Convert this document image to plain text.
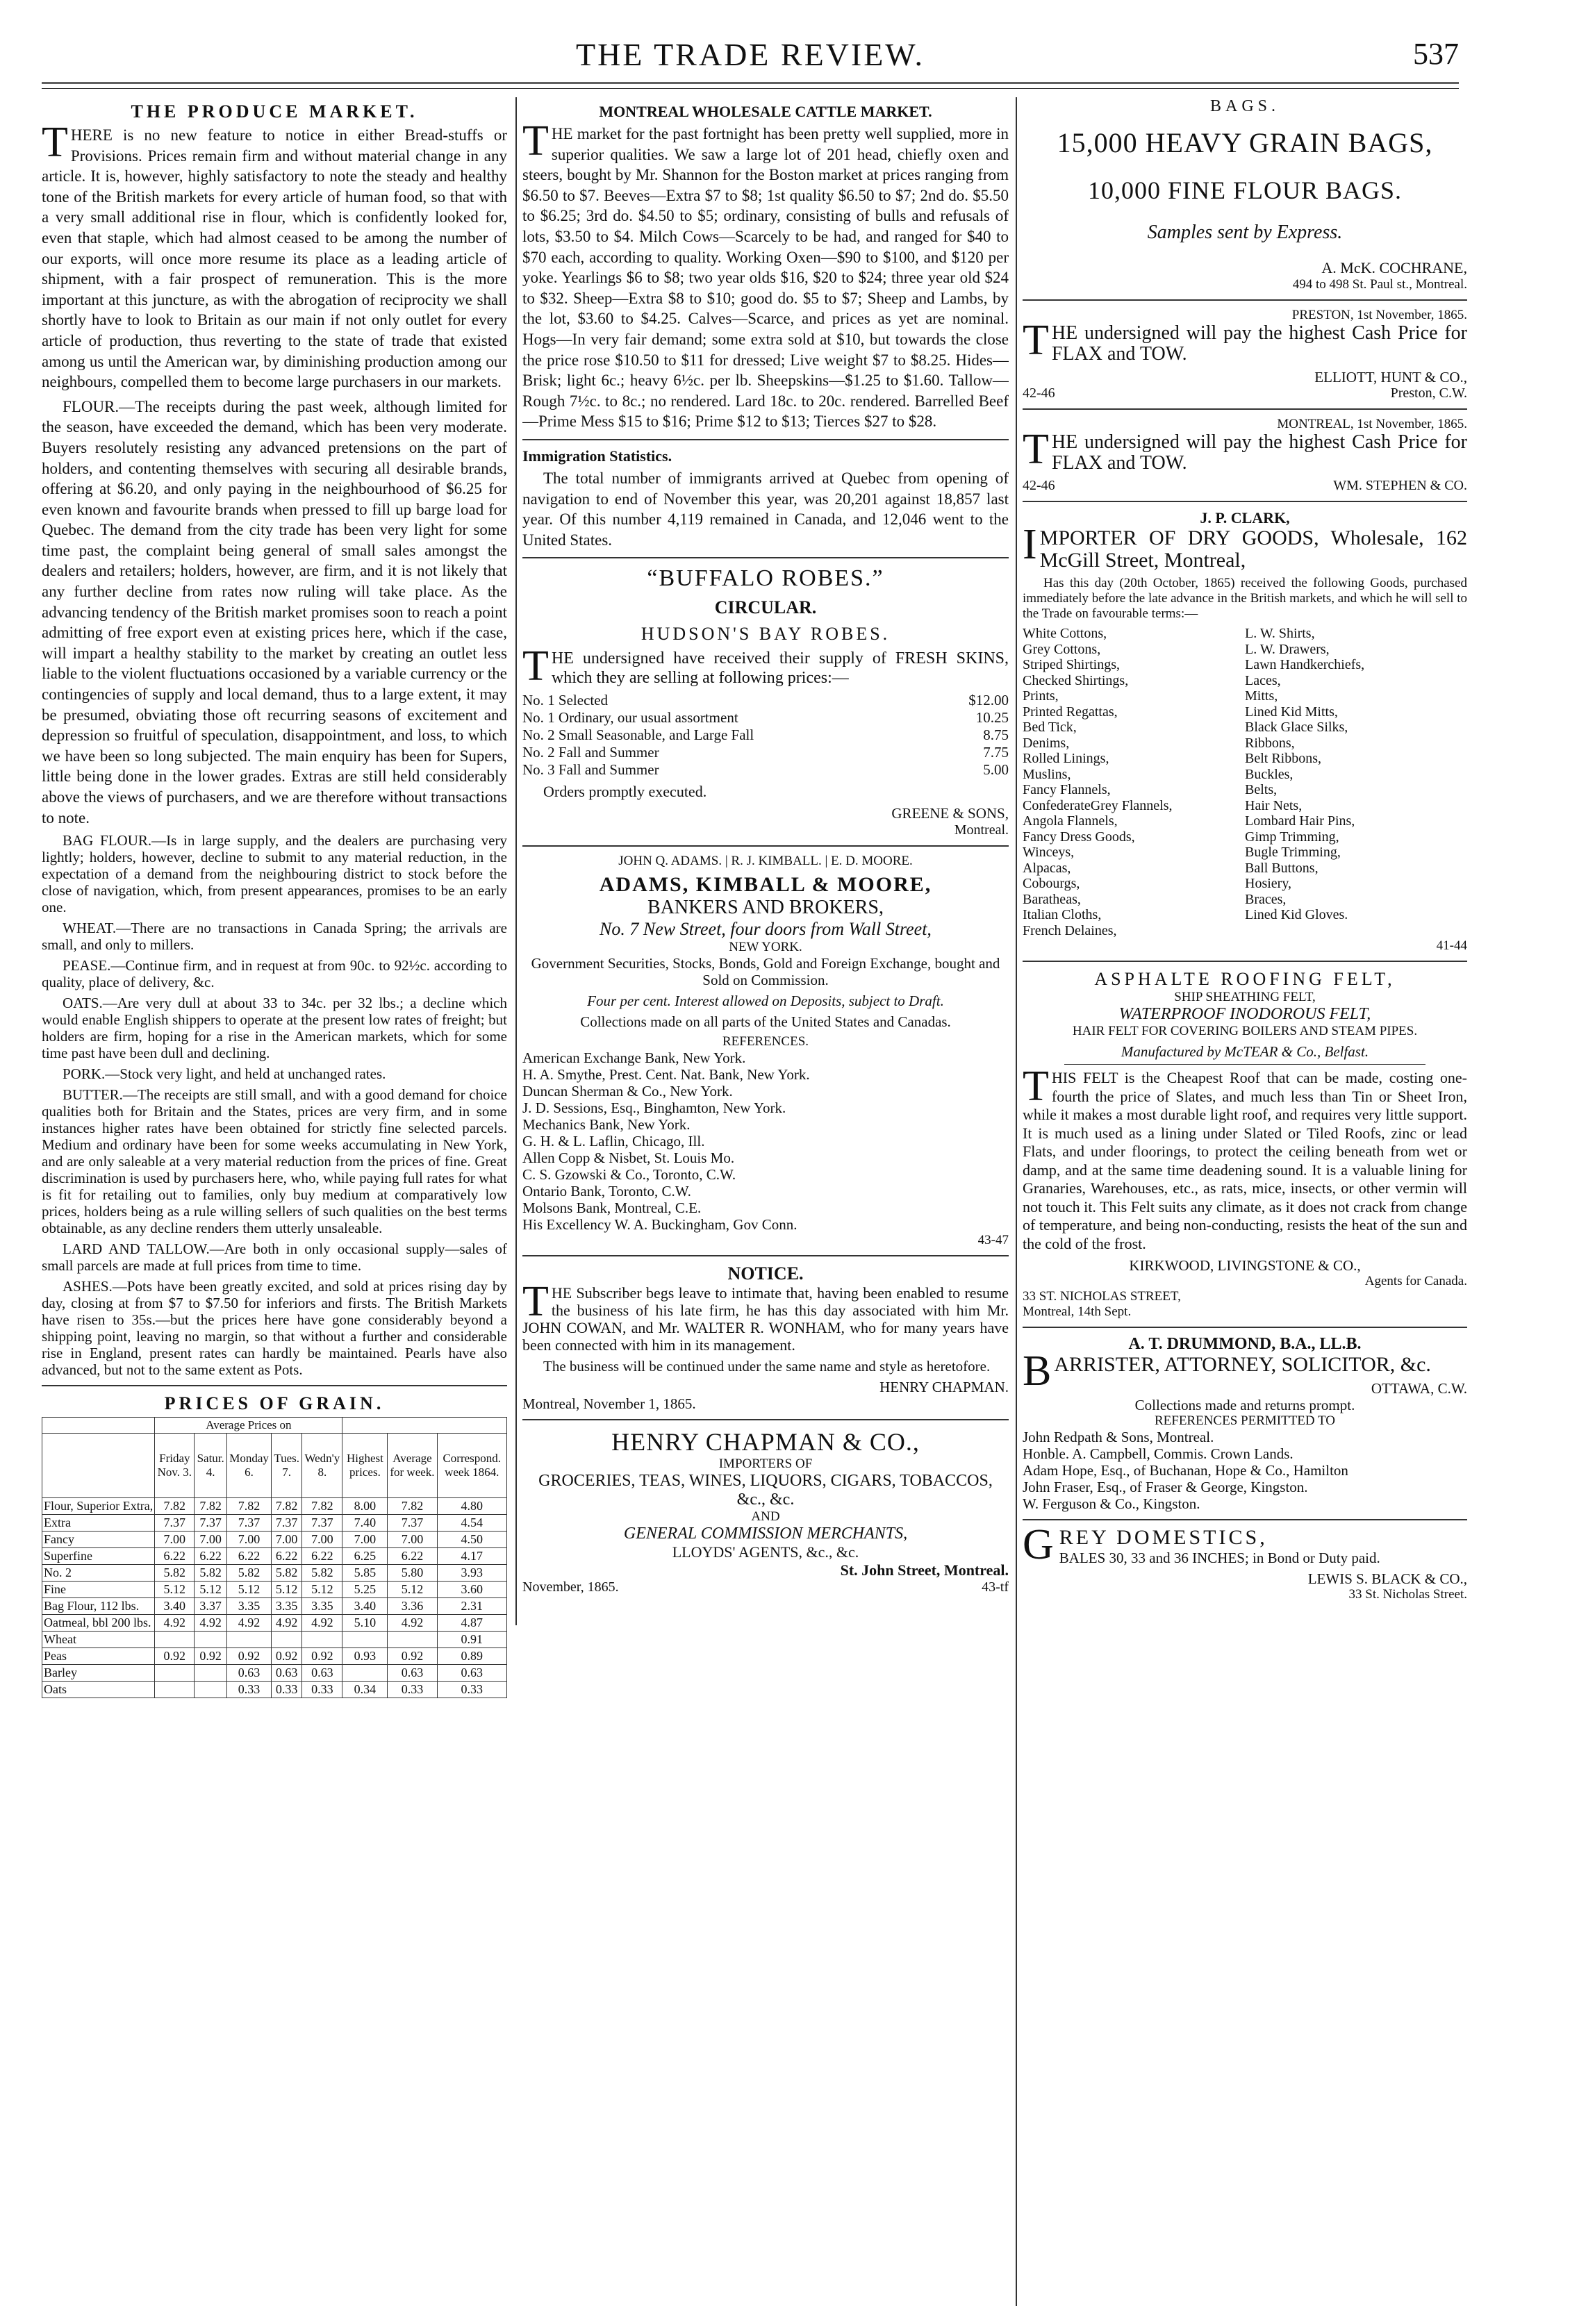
THE TRADE REVIEW.	537
THE PRODUCE MARKET.

THERE is no new feature to notice in either Bread-stuffs or Provisions. Prices remain firm and without material change in any article. It is, however, highly satisfactory to note the steady and healthy tone of the British markets for every article of human food, so that with a very small additional rise in flour, which is confidently looked for, even that staple, which had almost ceased to be among the number of our exports, will once more resume its place as a leading article of shipment, with a fair prospect of remuneration. This is the more important at this juncture, as with the abrogation of reciprocity we shall shortly have to look to Britain as our main if not only outlet for every article of production, thus reverting to the state of trade that existed among us until the American war, by diminishing production among our neighbours, compelled them to become large purchasers in our markets.

FLOUR.—The receipts during the past week, although limited for the season, have exceeded the demand, which has been very moderate. Buyers resolutely resisting any advanced pretensions on the part of holders, and contenting themselves with securing all desirable brands, offering at $6.20, and only paying in the neighbourhood of $6.25 for even known and favourite brands when pressed to fill up barge load for Quebec. The demand from the city trade has been very light for some time past, the complaint being general of small sales amongst the dealers and retailers; holders, however, are firm, and it is not likely that any further decline from rates now ruling will take place. As the advancing tendency of the British market promises soon to reach a point admitting of free export even at existing prices here, which if the case, will impart a healthy stability to the market by creating an outlet less liable to the violent fluctuations occasioned by a variable currency or the contingencies of supply and local demand, thus to a large extent, it may be presumed, obviating those oft recurring seasons of excitement and depression so fruitful of speculation, disappointment, and loss, to which we have been so long subjected. The main enquiry has been for Supers, little being done in the lower grades. Extras are still held considerably above the views of purchasers, and we are therefore without transactions to note.

BAG FLOUR.—Is in large supply, and the dealers are purchasing very lightly; holders, however, decline to submit to any material reduction, in the expectation of a demand from the neighbouring district to stock before the close of navigation, which, from present appearances, promises to be an early one.

WHEAT.—There are no transactions in Canada Spring; the arrivals are small, and only to millers.

PEASE.—Continue firm, and in request at from 90c. to 92½c. according to quality, place of delivery, &c.

OATS.—Are very dull at about 33 to 34c. per 32 lbs.; a decline which would enable English shippers to operate at the present low rates of freight; but holders are firm, hoping for a rise in the American markets, which for some time past have been dull and declining.

PORK.—Stock very light, and held at unchanged rates.

BUTTER.—The receipts are still small, and with a good demand for choice qualities both for Britain and the States, prices are very firm, and in some instances higher rates have been obtained for strictly fine selected parcels. Medium and ordinary have been for some weeks accumulating in New York, and are only saleable at a very material reduction from the prices of fine. Great discrimination is used by purchasers here, who, while paying full rates for what is fit for retailing out to families, only buy medium at comparatively low prices, holders being as a rule willing sellers of such qualities on the best terms obtainable, as any decline renders them utterly unsaleable.

LARD AND TALLOW.—Are both in only occasional supply—sales of small parcels are made at full prices from time to time.

ASHES.—Pots have been greatly excited, and sold at prices rising day by day, closing at from $7 to $7.50 for inferiors and firsts. The British Markets have risen to 35s.—but the prices here have gone considerably beyond a shipping point, leaving no margin, so that without a further and considerable rise in England, present rates can hardly be maintained. Pearls have also advanced, but not to the same extent as Pots.

PRICES OF GRAIN.
	Average Prices on							
	Friday Nov. 3.	Satur. 4.	Monday 6.	Tues. 7.	Wedn'y 8.	Highest prices.	Average for week.	Correspond. week 1864.
Flour, Superior Extra,	7.82	7.82	7.82	7.82	7.82	8.00	7.82	4.80
Extra	7.37	7.37	7.37	7.37	7.37	7.40	7.37	4.54
Fancy	7.00	7.00	7.00	7.00	7.00	7.00	7.00	4.50
Superfine	6.22	6.22	6.22	6.22	6.22	6.25	6.22	4.17
No. 2	5.82	5.82	5.82	5.82	5.82	5.85	5.80	3.93
Fine	5.12	5.12	5.12	5.12	5.12	5.25	5.12	3.60
Bag Flour, 112 lbs.	3.40	3.37	3.35	3.35	3.35	3.40	3.36	2.31
Oatmeal, bbl 200 lbs.	4.92	4.92	4.92	4.92	4.92	5.10	4.92	4.87
Wheat								0.91
Peas	0.92	0.92	0.92	0.92	0.92	0.93	0.92	0.89
Barley			0.63	0.63	0.63		0.63	0.63
Oats			0.33	0.33	0.33	0.34	0.33	0.33
MONTREAL WHOLESALE CATTLE MARKET.

THE market for the past fortnight has been pretty well supplied, more in superior qualities. We saw a large lot of 201 head, chiefly oxen and steers, bought by Mr. Shannon for the Boston market at prices ranging from $6.50 to $7. Beeves—Extra $7 to $8; 1st quality $6.50 to $7; 2nd do. $5.50 to $6.25; 3rd do. $4.50 to $5; ordinary, consisting of bulls and refusals of lots, $3.50 to $4. Milch Cows—Scarcely to be had, and ranged for $40 to $70 each, according to quality. Working Oxen—$90 to $100, and $120 per yoke. Yearlings $6 to $8; two year olds $16, $20 to $24; three year old $24 to $32. Sheep—Extra $8 to $10; good do. $5 to $7; Sheep and Lambs, by the lot, $3.60 to $4.25. Calves—Scarce, and prices as yet are nominal. Hogs—In very fair demand; some extra sold at $10, but towards the close the price rose $10.50 to $11 for dressed; Live weight $7 to $8.25. Hides—Brisk; light 6c.; heavy 6½c. per lb. Sheepskins—$1.25 to $1.60. Tallow—Rough 7½c. to 8c.; no rendered. Lard 18c. to 20c. rendered. Barrelled Beef—Prime Mess $15 to $16; Prime $12 to $13; Tierces $27 to $28.

Immigration Statistics.

The total number of immigrants arrived at Quebec from opening of navigation to end of November this year, was 20,201 against 18,857 last year. Of this number 4,119 remained in Canada, and 12,046 went to the United States.

“BUFFALO ROBES.”
CIRCULAR.
HUDSON'S BAY ROBES.

THE undersigned have received their supply of FRESH SKINS, which they are selling at following prices:—

No. 1 Selected	$12.00
No. 1 Ordinary, our usual assortment	10.25
No. 2 Small Seasonable, and Large Fall	8.75
No. 2 Fall and Summer	7.75
No. 3 Fall and Summer	5.00

Orders promptly executed.

GREENE & SONS,
Montreal.
JOHN Q. ADAMS. | R. J. KIMBALL. | E. D. MOORE.
ADAMS, KIMBALL & MOORE,
BANKERS AND BROKERS,
No. 7 New Street, four doors from Wall Street,
NEW YORK.

Government Securities, Stocks, Bonds, Gold and Foreign Exchange, bought and Sold on Commission.

Four per cent. Interest allowed on Deposits, subject to Draft.

Collections made on all parts of the United States and Canadas.

REFERENCES.
American Exchange Bank, New York.
H. A. Smythe, Prest. Cent. Nat. Bank, New York.
Duncan Sherman & Co., New York.
J. D. Sessions, Esq., Binghamton, New York.
Mechanics Bank, New York.
G. H. & L. Laflin, Chicago, Ill.
Allen Copp & Nisbet, St. Louis Mo.
C. S. Gzowski & Co., Toronto, C.W.
Ontario Bank, Toronto, C.W.
Molsons Bank, Montreal, C.E.
His Excellency W. A. Buckingham, Gov Conn.
43-47
NOTICE.

THE Subscriber begs leave to intimate that, having been enabled to resume the business of his late firm, he has this day associated with him Mr. JOHN COWAN, and Mr. WALTER R. WONHAM, who for many years have been connected with him in its management.

The business will be continued under the same name and style as heretofore.

HENRY CHAPMAN.
Montreal, November 1, 1865.
HENRY CHAPMAN & CO.,
IMPORTERS OF
GROCERIES, TEAS, WINES, LIQUORS, CIGARS, TOBACCOS, &c., &c.
AND
GENERAL COMMISSION MERCHANTS,
LLOYDS' AGENTS, &c., &c.
St. John Street, Montreal.
November, 1865.	43-tf
BAGS.
15,000 HEAVY GRAIN BAGS,
10,000 FINE FLOUR BAGS.
Samples sent by Express.
A. McK. COCHRANE,
494 to 498 St. Paul st., Montreal.
PRESTON, 1st November, 1865.

THE undersigned will pay the highest Cash Price for FLAX and TOW.

ELLIOTT, HUNT & CO.,
42-46	Preston, C.W.
MONTREAL, 1st November, 1865.

THE undersigned will pay the highest Cash Price for FLAX and TOW.

42-46	WM. STEPHEN & CO.
J. P. CLARK,

IMPORTER OF DRY GOODS, Wholesale, 162 McGill Street, Montreal,

Has this day (20th October, 1865) received the following Goods, purchased immediately before the late advance in the British markets, and which he will sell to the Trade on favourable terms:—

White Cottons,
Grey Cottons,
Striped Shirtings,
Checked Shirtings,
Prints,
Printed Regattas,
Bed Tick,
Denims,
Rolled Linings,
Muslins,
Fancy Flannels,
ConfederateGrey Flannels,
Angola Flannels,
Fancy Dress Goods,
Winceys,
Alpacas,
Cobourgs,
Baratheas,
Italian Cloths,
French Delaines,
L. W. Shirts,
L. W. Drawers,
Lawn Handkerchiefs,
Laces,
Mitts,
Lined Kid Mitts,
Black Glace Silks,
Ribbons,
Belt Ribbons,
Buckles,
Belts,
Hair Nets,
Lombard Hair Pins,
Gimp Trimming,
Bugle Trimming,
Ball Buttons,
Hosiery,
Braces,
Lined Kid Gloves.
41-44
ASPHALTE ROOFING FELT,
SHIP SHEATHING FELT,
WATERPROOF INODOROUS FELT,
HAIR FELT FOR COVERING BOILERS AND STEAM PIPES.
Manufactured by McTEAR & Co., Belfast.

THIS FELT is the Cheapest Roof that can be made, costing one-fourth the price of Slates, and much less than Tin or Sheet Iron, while it makes a most durable light roof, and requires very little support. It is much used as a lining under Slated or Tiled Roofs, zinc or lead Flats, and under floorings, to protect the ceiling beneath from wet or damp, and at the same time deadening sound. It is a valuable lining for Granaries, Warehouses, etc., as rats, mice, insects, or other vermin will not touch it. This Felt suits any climate, as it does not crack from change of temperature, and being non-conducting, resists the heat of the sun and the cold of the frost.

KIRKWOOD, LIVINGSTONE & CO.,
Agents for Canada.
33 ST. NICHOLAS STREET,
Montreal, 14th Sept.
A. T. DRUMMOND, B.A., LL.B.

BARRISTER, ATTORNEY, SOLICITOR, &c.

OTTAWA, C.W.
Collections made and returns prompt.
REFERENCES PERMITTED TO
John Redpath & Sons, Montreal.
Honble. A. Campbell, Commis. Crown Lands.
Adam Hope, Esq., of Buchanan, Hope & Co., Hamilton
John Fraser, Esq., of Fraser & George, Kingston.
W. Ferguson & Co., Kingston.

GREY DOMESTICS,

BALES 30, 33 and 36 INCHES; in Bond or Duty paid.

LEWIS S. BLACK & CO.,
33 St. Nicholas Street.
